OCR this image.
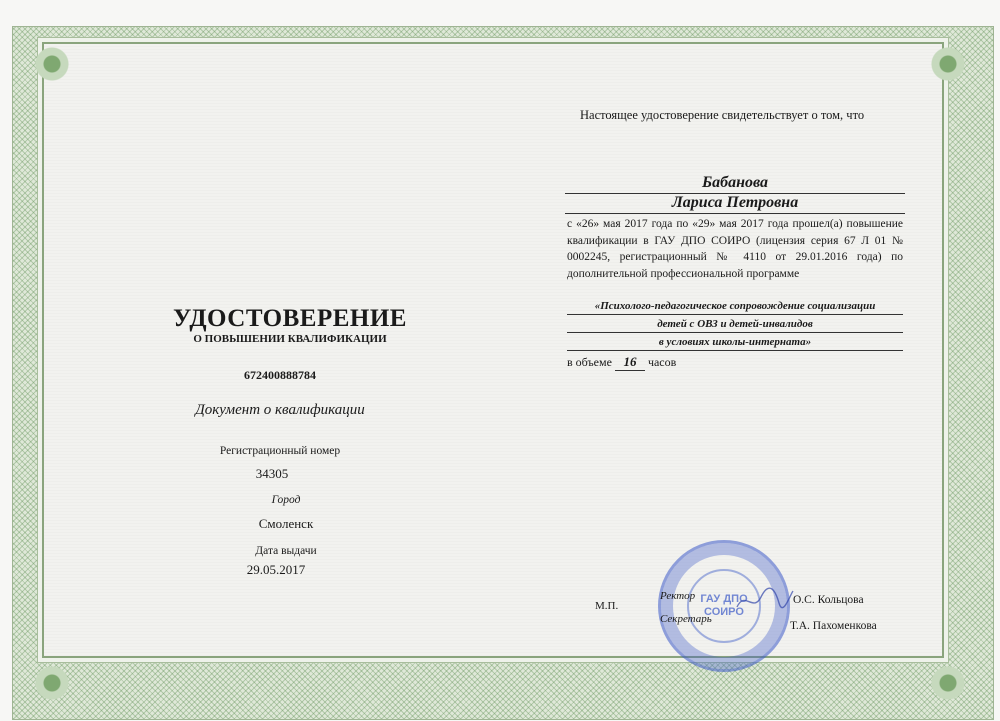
УДОСТОВЕРЕНИЕ
О ПОВЫШЕНИИ КВАЛИФИКАЦИИ
672400888784
Документ о квалификации
Регистрационный номер
34305
Город
Смоленск
Дата выдачи
29.05.2017
Настоящее удостоверение свидетельствует о том, что
Бабанова
Лариса Петровна
с «26» мая 2017 года по «29» мая 2017 года прошел(а) повышение квалификации в ГАУ ДПО СОИРО (лицензия серия 67 Л 01 № 0002245, регистрационный № 4110 от 29.01.2016 года) по дополнительной профессиональной программе
«Психолого-педагогическое сопровождение социализации
детей с ОВЗ и детей-инвалидов
в условиях школы-интерната»
в объеме 16 часов
ГАУ ДПО
СОИРО
М.П.
Ректор	О.С. Кольцова
Секретарь
Т.А. Пахоменкова
